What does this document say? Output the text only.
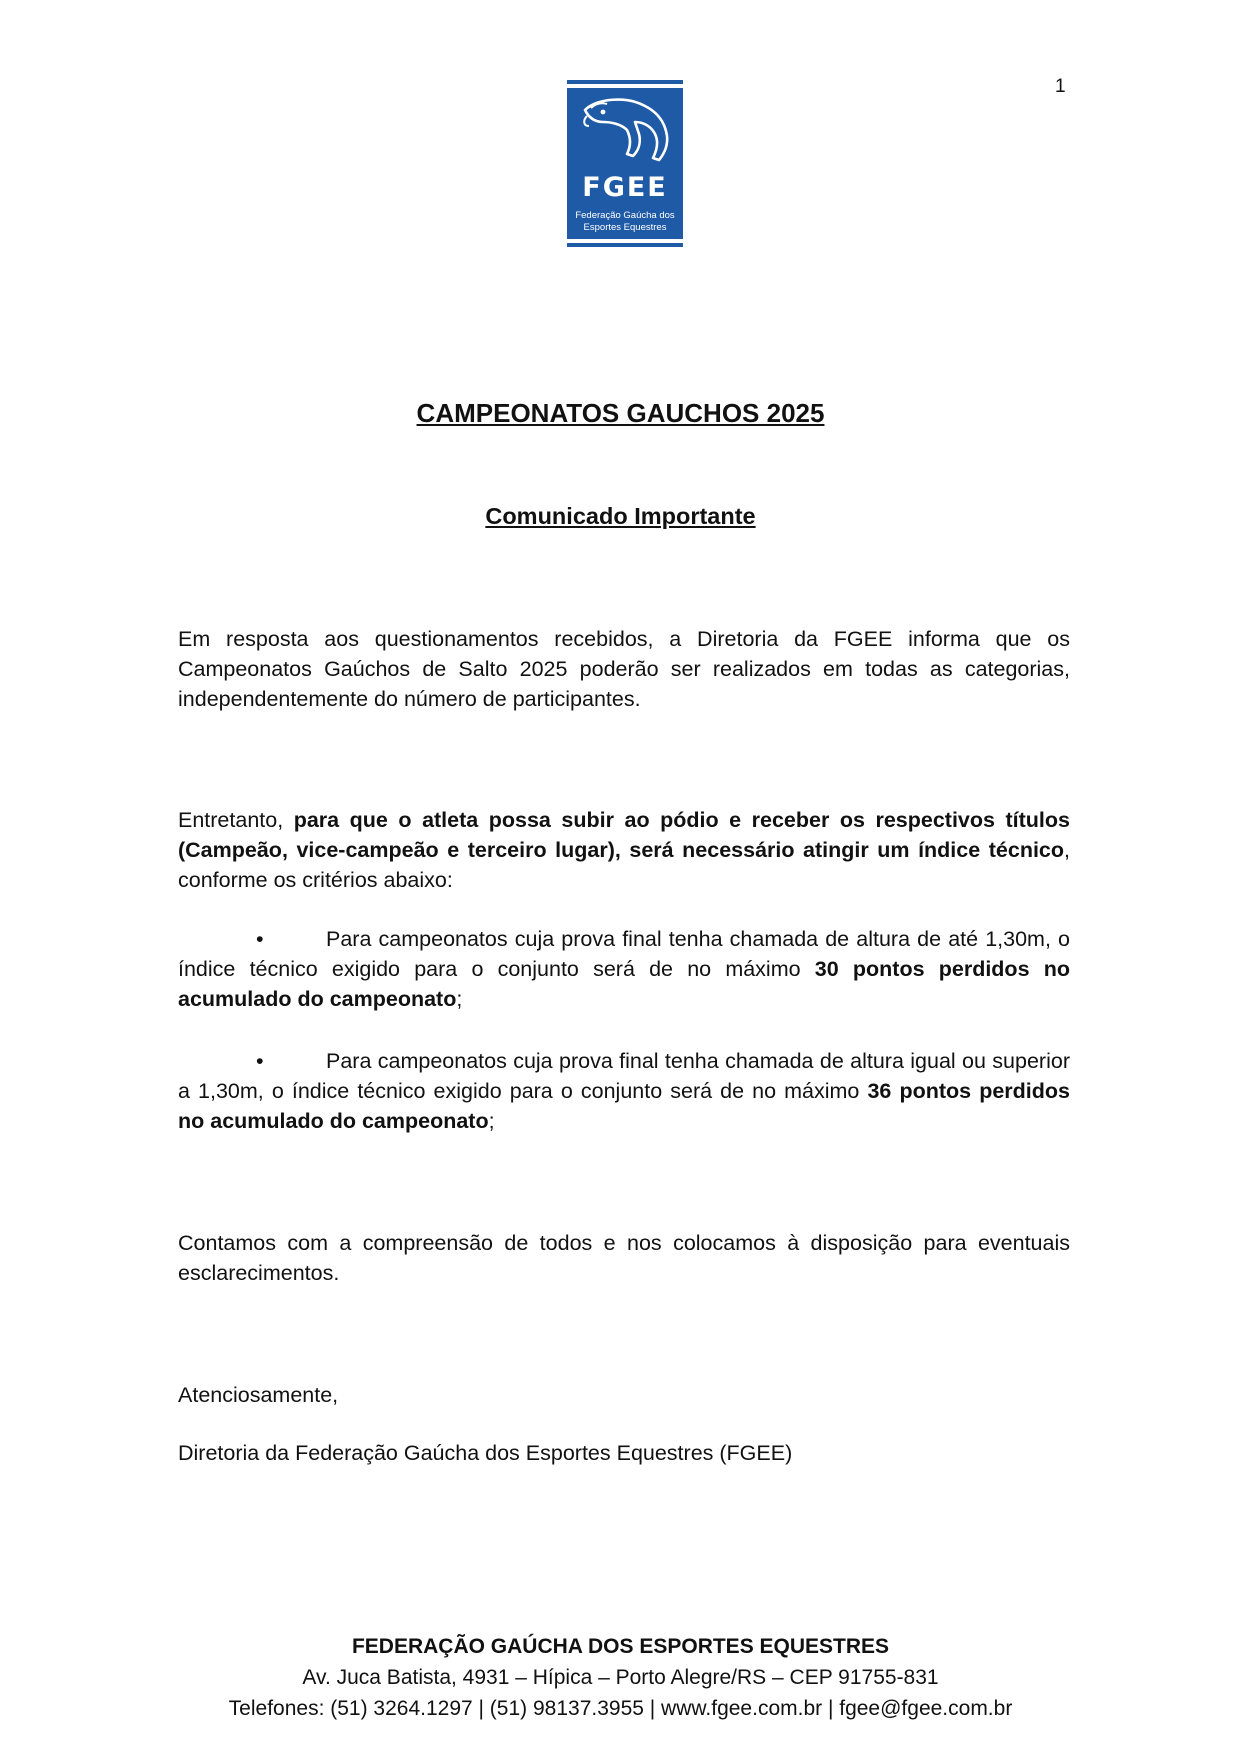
1
FGEE
Federação Gaúcha dos
Esportes Equestres
CAMPEONATOS GAUCHOS 2025
Comunicado Importante

Em resposta aos questionamentos recebidos, a Diretoria da FGEE informa que os Campeonatos Gaúchos de Salto 2025 poderão ser realizados em todas as categorias, independentemente do número de participantes.

Entretanto, para que o atleta possa subir ao pódio e receber os respectivos títulos (Campeão, vice-campeão e terceiro lugar), será necessário atingir um índice técnico, conforme os critérios abaixo:

•	Para campeonatos cuja prova final tenha chamada de altura de até 1,30m, o índice técnico exigido para o conjunto será de no máximo 30 pontos perdidos no acumulado do campeonato;

•	Para campeonatos cuja prova final tenha chamada de altura igual ou superior a 1,30m, o índice técnico exigido para o conjunto será de no máximo 36 pontos perdidos no acumulado do campeonato;

Contamos com a compreensão de todos e nos colocamos à disposição para eventuais esclarecimentos.

Atenciosamente,

Diretoria da Federação Gaúcha dos Esportes Equestres (FGEE)

FEDERAÇÃO GAÚCHA DOS ESPORTES EQUESTRES
Av. Juca Batista, 4931 – Hípica – Porto Alegre/RS – CEP 91755-831
Telefones: (51) 3264.1297 | (51) 98137.3955 | www.fgee.com.br | fgee@fgee.com.br
